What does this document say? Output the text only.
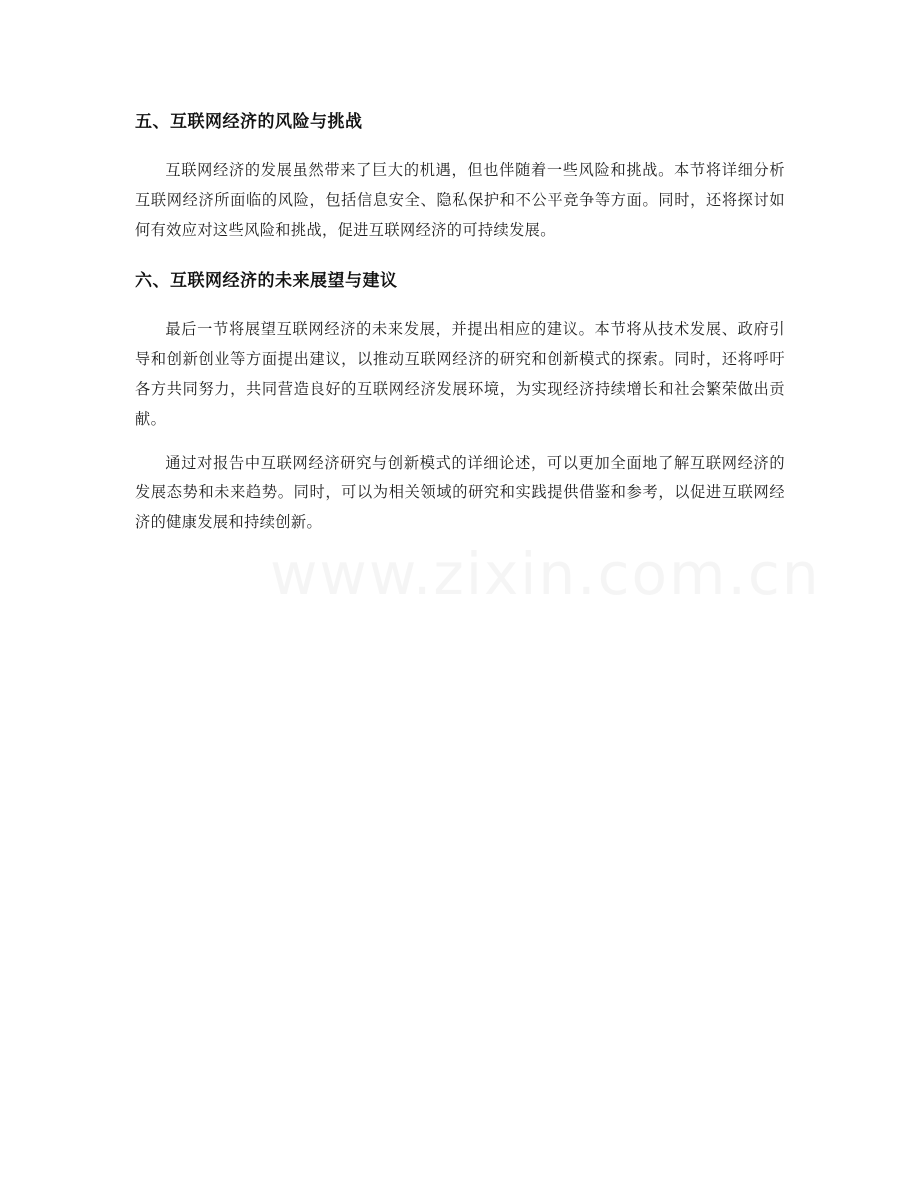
五、互联网经济的风险与挑战

互联网经济的发展虽然带来了巨大的机遇，但也伴随着一些风险和挑战。本节将详细分析互联网经济所面临的风险，包括信息安全、隐私保护和不公平竞争等方面。同时，还将探讨如何有效应对这些风险和挑战，促进互联网经济的可持续发展。

六、互联网经济的未来展望与建议

最后一节将展望互联网经济的未来发展，并提出相应的建议。本节将从技术发展、政府引导和创新创业等方面提出建议，以推动互联网经济的研究和创新模式的探索。同时，还将呼吁各方共同努力，共同营造良好的互联网经济发展环境，为实现经济持续增长和社会繁荣做出贡献。

通过对报告中互联网经济研究与创新模式的详细论述，可以更加全面地了解互联网经济的发展态势和未来趋势。同时，可以为相关领域的研究和实践提供借鉴和参考，以促进互联网经济的健康发展和持续创新。

www.zixin.com.cn
